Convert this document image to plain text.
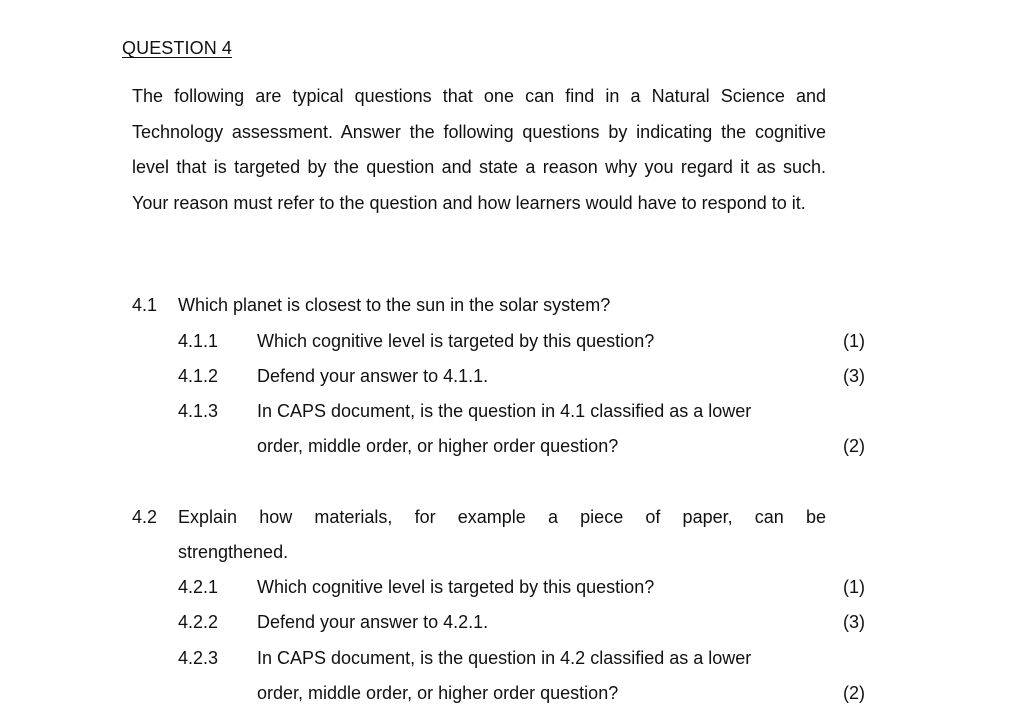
QUESTION 4

The following are typical questions that one can find in a Natural Science and Technology assessment. Answer the following questions by indicating the cognitive level that is targeted by the question and state a reason why you regard it as such. Your reason must refer to the question and how learners would have to respond to it.

4.1 Which planet is closest to the sun in the solar system?
4.1.1 Which cognitive level is targeted by this question?	(1)
4.1.2 Defend your answer to 4.1.1.	(3)
4.1.3 In CAPS document, is the question in 4.1 classified as a lower
order, middle order, or higher order question?	(2)
4.2 Explain how materials, for example a piece of paper, can be
strengthened.
4.2.1 Which cognitive level is targeted by this question?	(1)
4.2.2 Defend your answer to 4.2.1.	(3)
4.2.3 In CAPS document, is the question in 4.2 classified as a lower
order, middle order, or higher order question?	(2)
